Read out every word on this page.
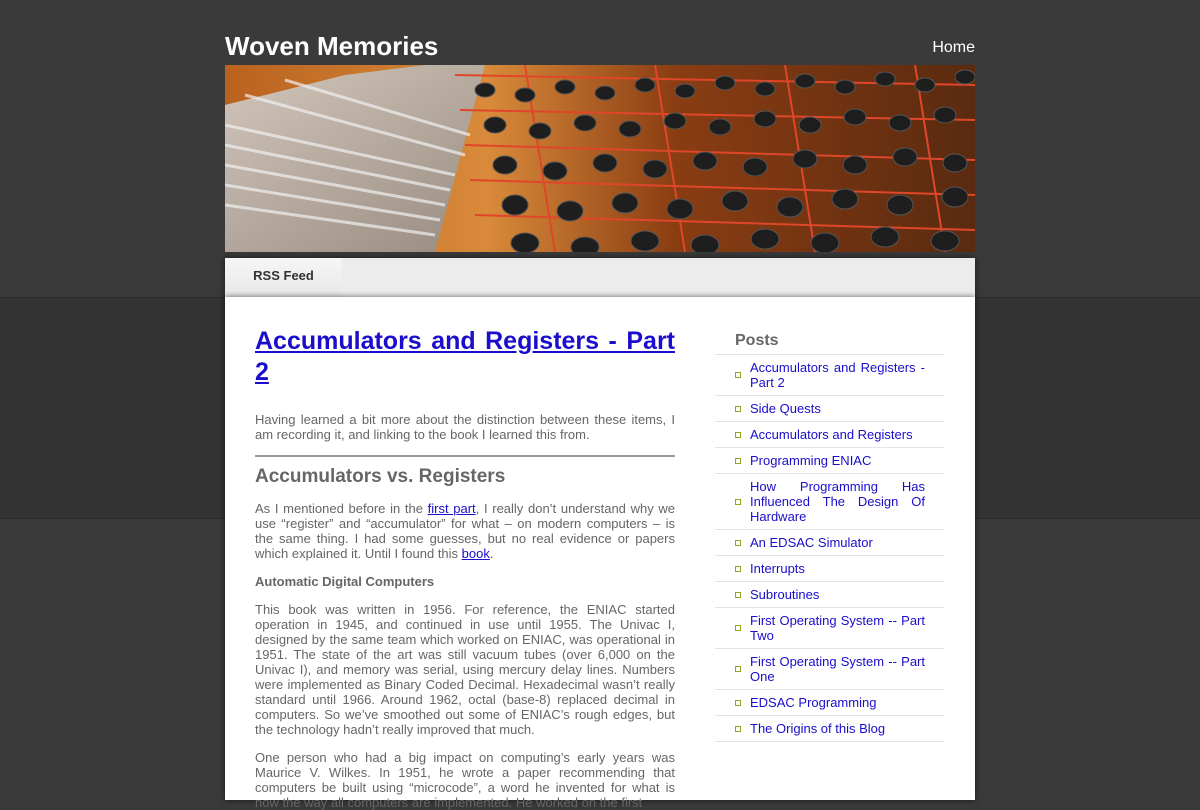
Woven Memories	Home
RSS Feed
Accumulators and Registers - Part 2

Having learned a bit more about the distinction between these items, I am recording it, and linking to the book I learned this from.

Accumulators vs. Registers

As I mentioned before in the first part, I really don’t understand why we use “register” and “accumulator” for what – on modern computers – is the same thing. I had some guesses, but no real evidence or papers which explained it. Until I found this book.

Automatic Digital Computers

This book was written in 1956. For reference, the ENIAC started operation in 1945, and continued in use until 1955. The Univac I, designed by the same team which worked on ENIAC, was operational in 1951. The state of the art was still vacuum tubes (over 6,000 on the Univac I), and memory was serial, using mercury delay lines. Numbers were implemented as Binary Coded Decimal. Hexadecimal wasn’t really standard until 1966. Around 1962, octal (base-8) replaced decimal in computers. So we’ve smoothed out some of ENIAC’s rough edges, but the technology hadn’t really improved that much.

One person who had a big impact on computing’s early years was Maurice V. Wilkes. In 1951, he wrote a paper recommending that computers be built using “microcode”, a word he invented for what is now the way all computers are implemented. He worked on the first

Posts
Accumulators and Registers - Part 2
Side Quests
Accumulators and Registers
Programming ENIAC
How Programming Has Influenced The Design Of Hardware
An EDSAC Simulator
Interrupts
Subroutines
First Operating System -- Part Two
First Operating System -- Part One
EDSAC Programming
The Origins of this Blog
